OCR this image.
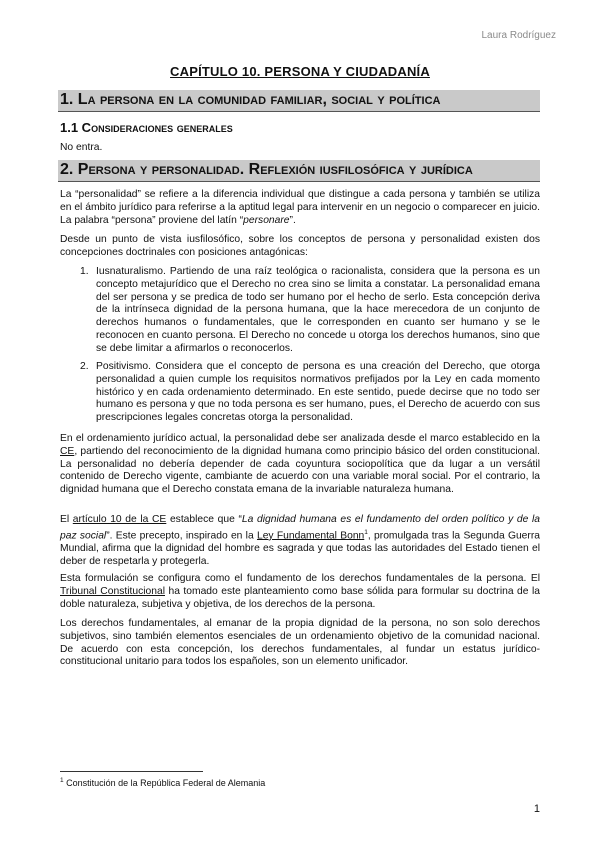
Laura Rodríguez
CAPÍTULO 10. PERSONA Y CIUDADANÍA
1. La persona en la comunidad familiar, social y política
1.1 Consideraciones generales

No entra.

2. Persona y personalidad. Reflexión iusfilosófica y jurídica

La “personalidad” se refiere a la diferencia individual que distingue a cada persona y también se utiliza en el ámbito jurídico para referirse a la aptitud legal para intervenir en un negocio o comparecer en juicio. La palabra “persona” proviene del latín “personare”.

Desde un punto de vista iusfilosófico, sobre los conceptos de persona y personalidad existen dos concepciones doctrinales con posiciones antagónicas:

1. Iusnaturalismo. Partiendo de una raíz teológica o racionalista, considera que la persona es un concepto metajurídico que el Derecho no crea sino se limita a constatar. La personalidad emana del ser persona y se predica de todo ser humano por el hecho de serlo. Esta concepción deriva de la intrínseca dignidad de la persona humana, que la hace merecedora de un conjunto de derechos humanos o fundamentales, que le corresponden en cuanto ser humano y se le reconocen en cuanto persona. El Derecho no concede u otorga los derechos humanos, sino que se debe limitar a afirmarlos o reconocerlos.

2. Positivismo. Considera que el concepto de persona es una creación del Derecho, que otorga personalidad a quien cumple los requisitos normativos prefijados por la Ley en cada momento histórico y en cada ordenamiento determinado. En este sentido, puede decirse que no todo ser humano es persona y que no toda persona es ser humano, pues, el Derecho de acuerdo con sus prescripciones legales concretas otorga la personalidad.

En el ordenamiento jurídico actual, la personalidad debe ser analizada desde el marco establecido en la CE, partiendo del reconocimiento de la dignidad humana como principio básico del orden constitucional. La personalidad no debería depender de cada coyuntura sociopolítica que da lugar a un versátil contenido de Derecho vigente, cambiante de acuerdo con una variable moral social. Por el contrario, la dignidad humana que el Derecho constata emana de la invariable naturaleza humana.

El artículo 10 de la CE establece que “La dignidad humana es el fundamento del orden político y de la paz social”. Este precepto, inspirado en la Ley Fundamental Bonn$^1$, promulgada tras la Segunda Guerra Mundial, afirma que la dignidad del hombre es sagrada y que todas las autoridades del Estado tienen el deber de respetarla y protegerla.

Esta formulación se configura como el fundamento de los derechos fundamentales de la persona. El Tribunal Constitucional ha tomado este planteamiento como base sólida para formular su doctrina de la doble naturaleza, subjetiva y objetiva, de los derechos de la persona.

Los derechos fundamentales, al emanar de la propia dignidad de la persona, no son solo derechos subjetivos, sino también elementos esenciales de un ordenamiento objetivo de la comunidad nacional. De acuerdo con esta concepción, los derechos fundamentales, al fundar un estatus jurídico-constitucional unitario para todos los españoles, son un elemento unificador.

$^1$ Constitución de la República Federal de Alemania
1
